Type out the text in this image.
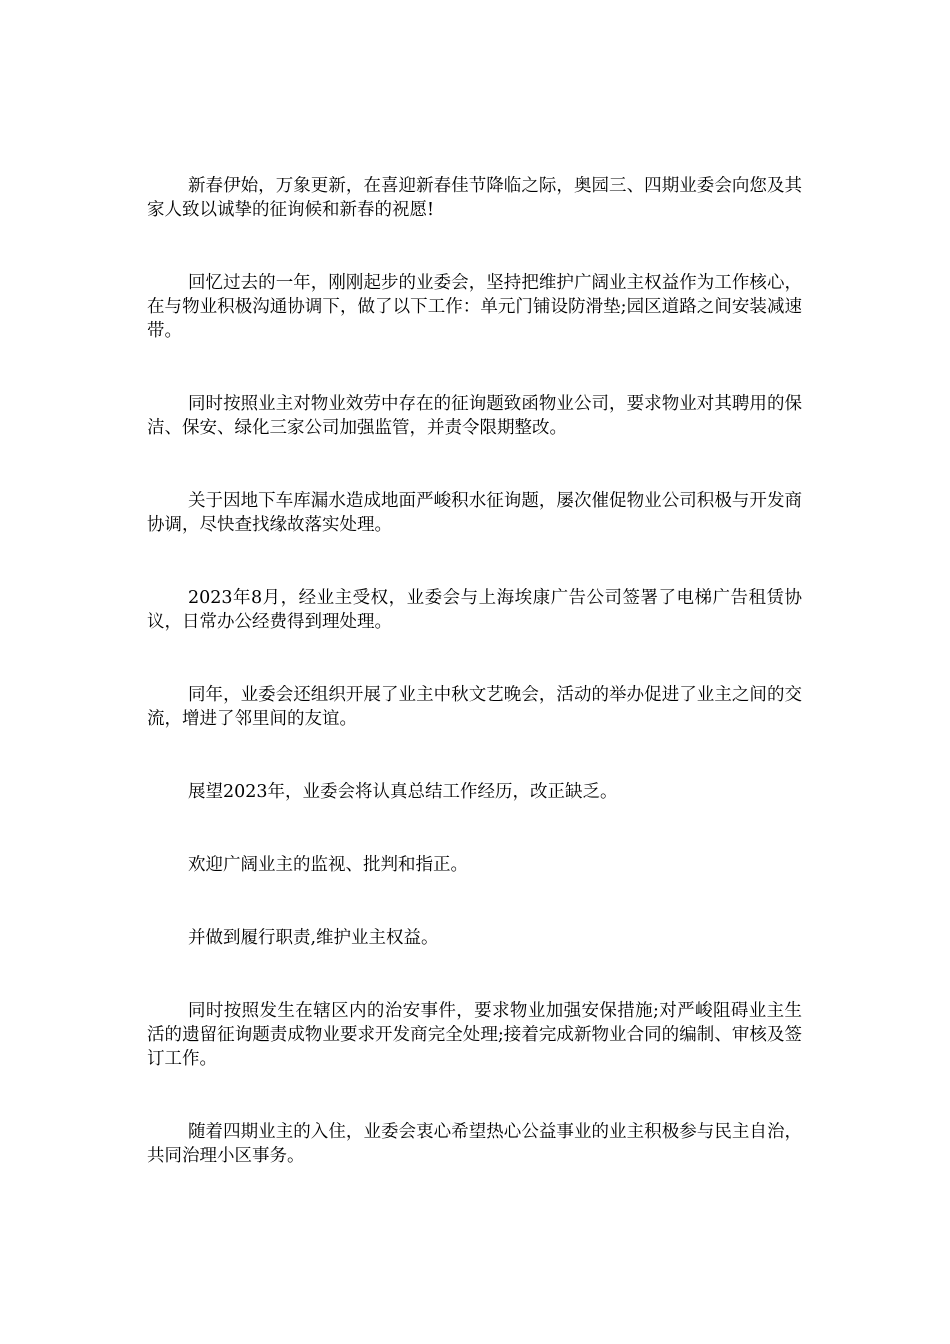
新春伊始，万象更新，在喜迎新春佳节降临之际，奥园三、四期业委会向您及其家人致以诚挚的征询候和新春的祝愿!

回忆过去的一年，刚刚起步的业委会，坚持把维护广阔业主权益作为工作核心，在与物业积极沟通协调下，做了以下工作：单元门铺设防滑垫;园区道路之间安装减速带。

同时按照业主对物业效劳中存在的征询题致函物业公司，要求物业对其聘用的保洁、保安、绿化三家公司加强监管，并责令限期整改。

关于因地下车库漏水造成地面严峻积水征询题，屡次催促物业公司积极与开发商协调，尽快查找缘故落实处理。

2023年8月，经业主受权，业委会与上海埃康广告公司签署了电梯广告租赁协议，日常办公经费得到理处理。

同年，业委会还组织开展了业主中秋文艺晚会，活动的举办促进了业主之间的交流，增进了邻里间的友谊。

展望2023年，业委会将认真总结工作经历，改正缺乏。

欢迎广阔业主的监视、批判和指正。

并做到履行职责,维护业主权益。

同时按照发生在辖区内的治安事件，要求物业加强安保措施;对严峻阻碍业主生活的遗留征询题责成物业要求开发商完全处理;接着完成新物业合同的编制、审核及签订工作。

随着四期业主的入住，业委会衷心希望热心公益事业的业主积极参与民主自治，共同治理小区事务。
